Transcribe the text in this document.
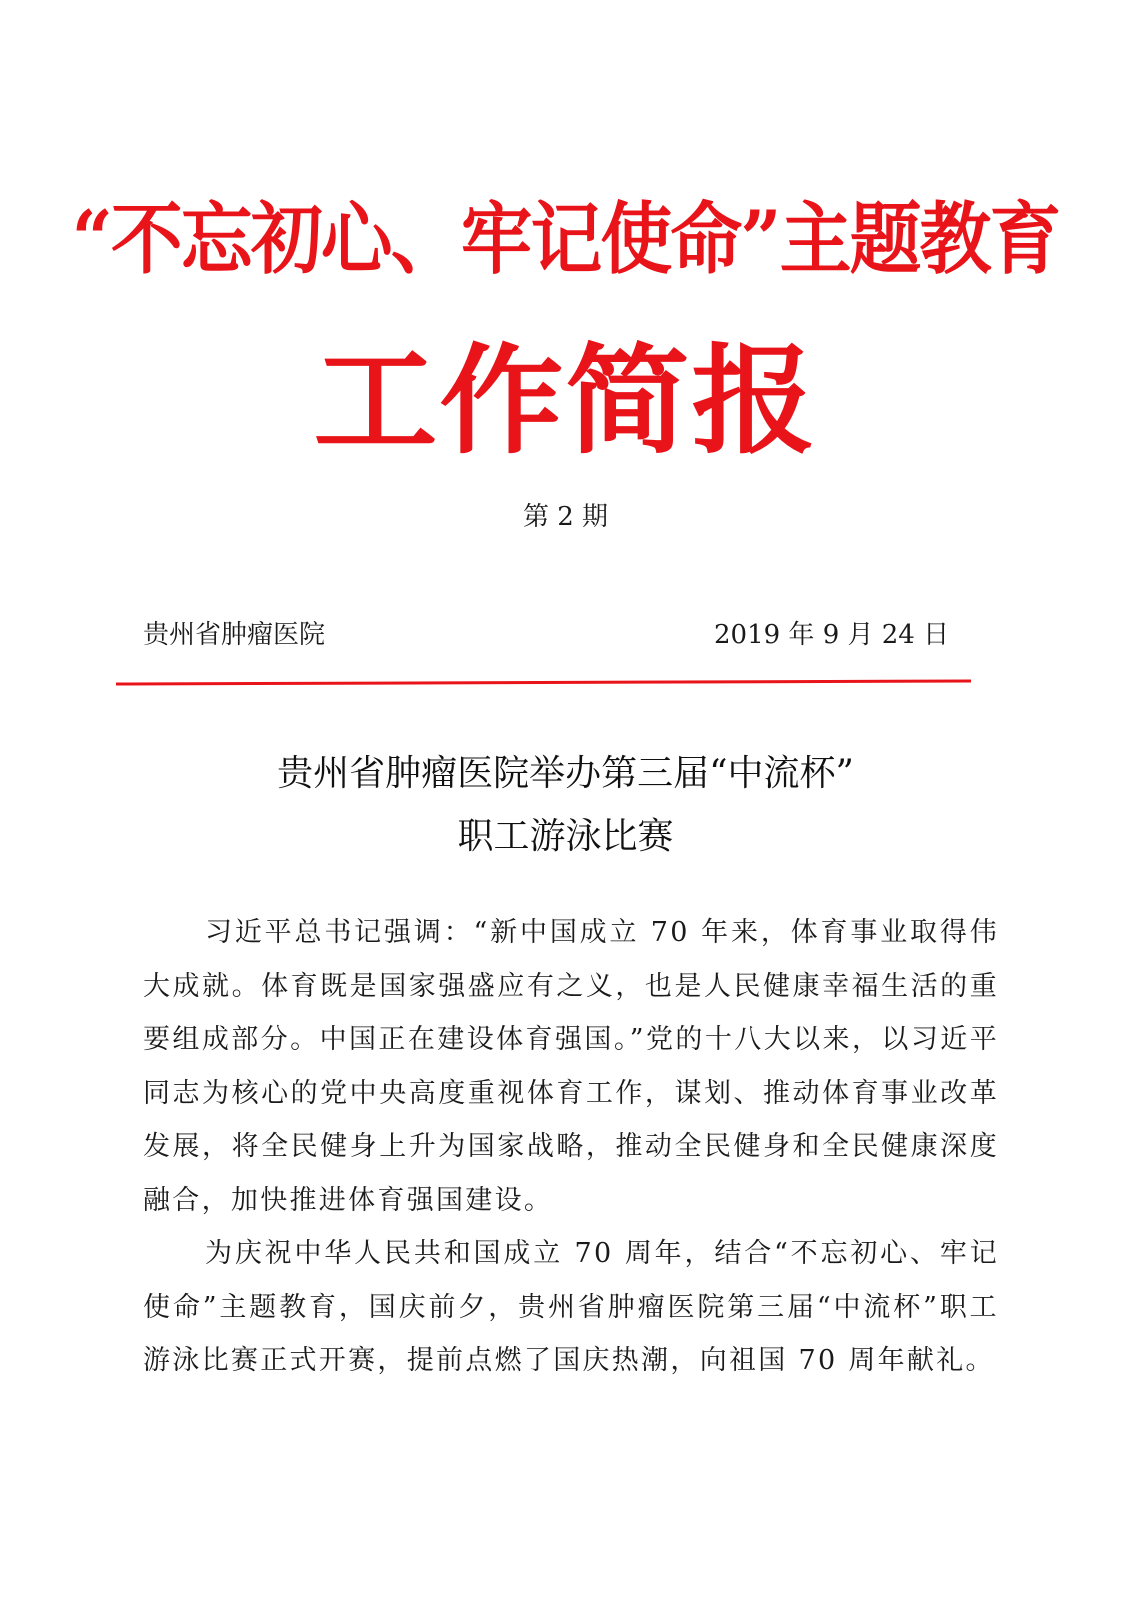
“不忘初心、牢记使命”主题教育
工作简报
第 2 期
贵州省肿瘤医院	2019 年 9 月 24 日
贵州省肿瘤医院举办第三届“中流杯”
职工游泳比赛

习近平总书记强调：“新中国成立 70 年来，体育事业取得伟大成就。体育既是国家强盛应有之义，也是人民健康幸福生活的重要组成部分。中国正在建设体育强国。”党的十八大以来，以习近平同志为核心的党中央高度重视体育工作，谋划、推动体育事业改革发展，将全民健身上升为国家战略，推动全民健身和全民健康深度融合，加快推进体育强国建设。

为庆祝中华人民共和国成立 70 周年，结合“不忘初心、牢记使命”主题教育，国庆前夕，贵州省肿瘤医院第三届“中流杯”职工游泳比赛正式开赛，提前点燃了国庆热潮，向祖国 70 周年献礼。
